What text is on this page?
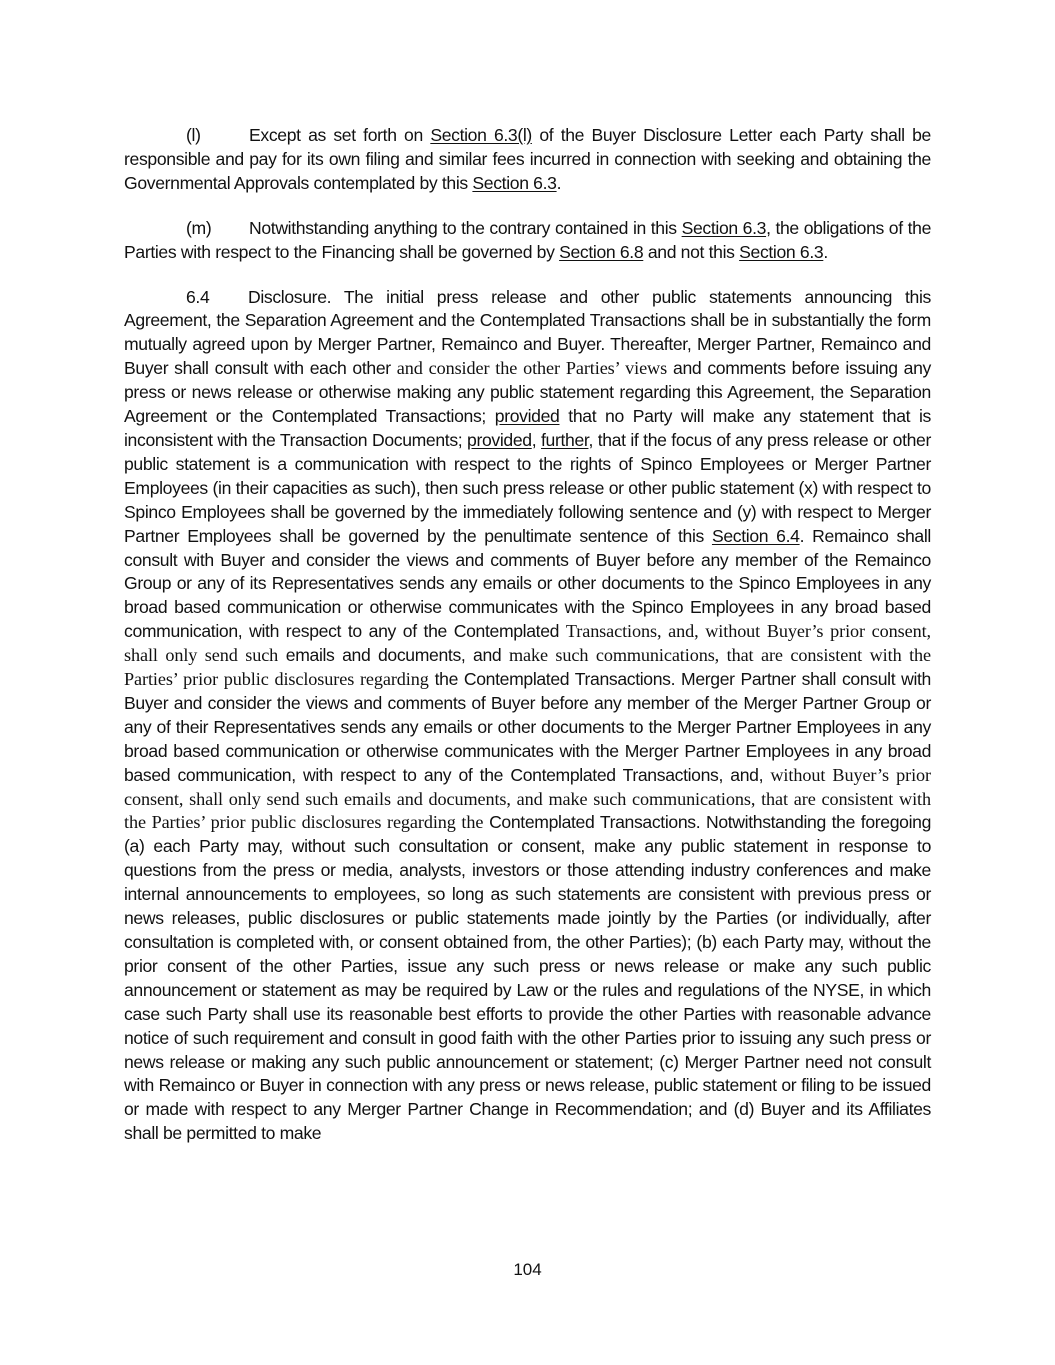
(l)	Except as set forth on Section 6.3(l) of the Buyer Disclosure Letter each Party shall be responsible and pay for its own filing and similar fees incurred in connection with seeking and obtaining the Governmental Approvals contemplated by this Section 6.3.

(m) Notwithstanding anything to the contrary contained in this Section 6.3, the obligations of the Parties with respect to the Financing shall be governed by Section 6.8 and not this Section 6.3.

6.4 Disclosure. The initial press release and other public statements announcing this Agreement, the Separation Agreement and the Contemplated Transactions shall be in substantially the form mutually agreed upon by Merger Partner, Remainco and Buyer. Thereafter, Merger Partner, Remainco and Buyer shall consult with each other and consider the other Parties’ views and comments before issuing any press or news release or otherwise making any public statement regarding this Agreement, the Separation Agreement or the Contemplated Transactions; provided that no Party will make any statement that is inconsistent with the Transaction Documents; provided, further, that if the focus of any press release or other public statement is a communication with respect to the rights of Spinco Employees or Merger Partner Employees (in their capacities as such), then such press release or other public statement (x) with respect to Spinco Employees shall be governed by the immediately following sentence and (y) with respect to Merger Partner Employees shall be governed by the penultimate sentence of this Section 6.4. Remainco shall consult with Buyer and consider the views and comments of Buyer before any member of the Remainco Group or any of its Representatives sends any emails or other documents to the Spinco Employees in any broad based communication or otherwise communicates with the Spinco Employees in any broad based communication, with respect to any of the Contemplated Transactions, and, without Buyer’s prior consent, shall only send such emails and documents, and make such communications, that are consistent with the Parties’ prior public disclosures regarding the Contemplated Transactions. Merger Partner shall consult with Buyer and consider the views and comments of Buyer before any member of the Merger Partner Group or any of their Representatives sends any emails or other documents to the Merger Partner Employees in any broad based communication or otherwise communicates with the Merger Partner Employees in any broad based communication, with respect to any of the Contemplated Transactions, and, without Buyer’s prior consent, shall only send such emails and documents, and make such communications, that are consistent with the Parties’ prior public disclosures regarding the Contemplated Transactions. Notwithstanding the foregoing (a) each Party may, without such consultation or consent, make any public statement in response to questions from the press or media, analysts, investors or those attending industry conferences and make internal announcements to employees, so long as such statements are consistent with previous press or news releases, public disclosures or public statements made jointly by the Parties (or individually, after consultation is completed with, or consent obtained from, the other Parties); (b) each Party may, without the prior consent of the other Parties, issue any such press or news release or make any such public announcement or statement as may be required by Law or the rules and regulations of the NYSE, in which case such Party shall use its reasonable best efforts to provide the other Parties with reasonable advance notice of such requirement and consult in good faith with the other Parties prior to issuing any such press or news release or making any such public announcement or statement; (c) Merger Partner need not consult with Remainco or Buyer in connection with any press or news release, public statement or filing to be issued or made with respect to any Merger Partner Change in Recommendation; and (d) Buyer and its Affiliates shall be permitted to make

104
